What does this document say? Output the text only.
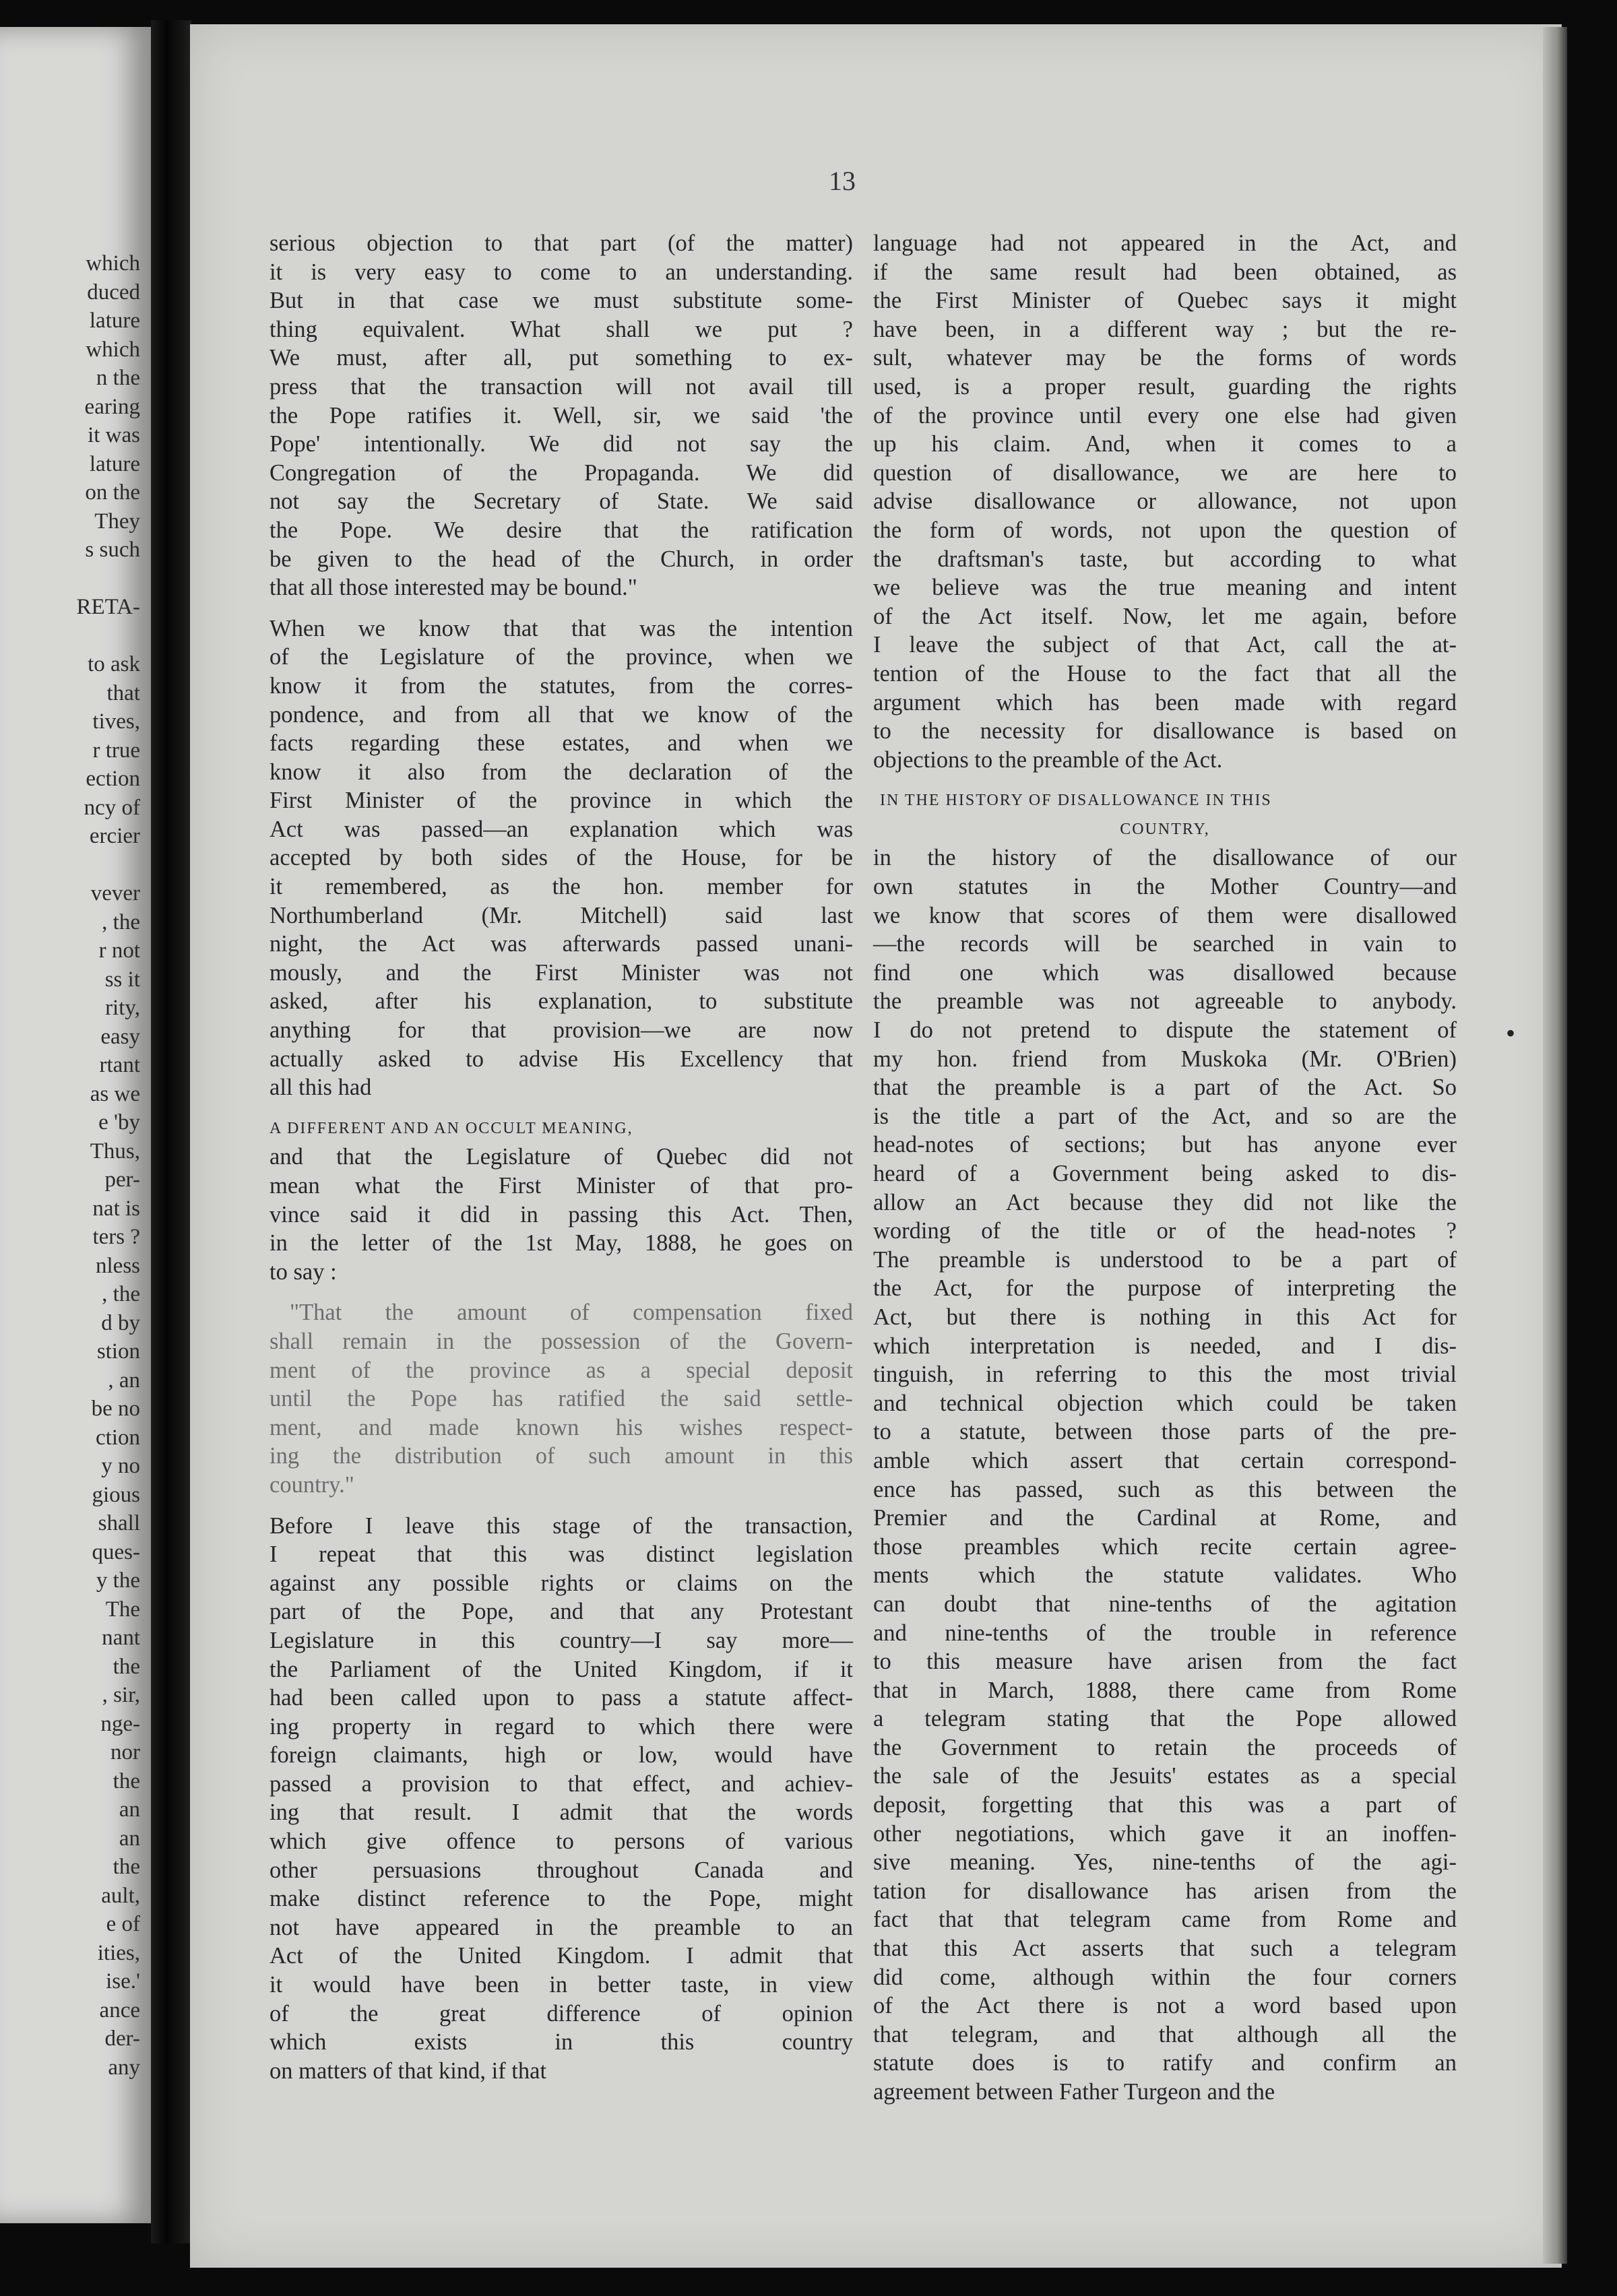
which
duced
lature
which
n the
earing
it was
lature
on the
They
s such
RETA-
to ask
that
tives,
r true
ection
ncy of
ercier
vever
, the
r not
ss it
rity,
easy
rtant
as we
e 'by
Thus,
per-
nat is
ters ?
nless
, the
d by
stion
, an
be no
ction
y no
gious
shall
ques-
y the
The
nant
the
, sir,
nge-
nor
the
an
an
the
ault,
e of
ities,
ise.'
ance
der-
any
13
serious objection to that part (of the matter)
it is very easy to come to an understanding.
But in that case we must substitute some-
thing equivalent. What shall we put ?
We must, after all, put something to ex-
press that the transaction will not avail till
the Pope ratifies it. Well, sir, we said 'the
Pope' intentionally. We did not say the
Congregation of the Propaganda. We did
not say the Secretary of State. We said
the Pope. We desire that the ratification
be given to the head of the Church, in order
that all those interested may be bound."
When we know that that was the intention
of the Legislature of the province, when we
know it from the statutes, from the corres-
pondence, and from all that we know of the
facts regarding these estates, and when we
know it also from the declaration of the
First Minister of the province in which the
Act was passed—an explanation which was
accepted by both sides of the House, for be
it remembered, as the hon. member for
Northumberland (Mr. Mitchell) said last
night, the Act was afterwards passed unani-
mously, and the First Minister was not
asked, after his explanation, to substitute
anything for that provision—we are now
actually asked to advise His Excellency that
all this had
A DIFFERENT AND AN OCCULT MEANING,
and that the Legislature of Quebec did not
mean what the First Minister of that pro-
vince said it did in passing this Act. Then,
in the letter of the 1st May, 1888, he goes on
to say :
"That the amount of compensation fixed
shall remain in the possession of the Govern-
ment of the province as a special deposit
until the Pope has ratified the said settle-
ment, and made known his wishes respect-
ing the distribution of such amount in this
country."
Before I leave this stage of the transaction,
I repeat that this was distinct legislation
against any possible rights or claims on the
part of the Pope, and that any Protestant
Legislature in this country—I say more—
the Parliament of the United Kingdom, if it
had been called upon to pass a statute affect-
ing property in regard to which there were
foreign claimants, high or low, would have
passed a provision to that effect, and achiev-
ing that result. I admit that the words
which give offence to persons of various
other persuasions throughout Canada and
make distinct reference to the Pope, might
not have appeared in the preamble to an
Act of the United Kingdom. I admit that
it would have been in better taste, in view
of the great difference of opinion
which exists in this country
on matters of that kind, if that
language had not appeared in the Act, and
if the same result had been obtained, as
the First Minister of Quebec says it might
have been, in a different way ; but the re-
sult, whatever may be the forms of words
used, is a proper result, guarding the rights
of the province until every one else had given
up his claim. And, when it comes to a
question of disallowance, we are here to
advise disallowance or allowance, not upon
the form of words, not upon the question of
the draftsman's taste, but according to what
we believe was the true meaning and intent
of the Act itself. Now, let me again, before
I leave the subject of that Act, call the at-
tention of the House to the fact that all the
argument which has been made with regard
to the necessity for disallowance is based on
objections to the preamble of the Act.
IN THE HISTORY OF DISALLOWANCE IN THIS
COUNTRY,
in the history of the disallowance of our
own statutes in the Mother Country—and
we know that scores of them were disallowed
—the records will be searched in vain to
find one which was disallowed because
the preamble was not agreeable to anybody.
I do not pretend to dispute the statement of
my hon. friend from Muskoka (Mr. O'Brien)
that the preamble is a part of the Act. So
is the title a part of the Act, and so are the
head-notes of sections; but has anyone ever
heard of a Government being asked to dis-
allow an Act because they did not like the
wording of the title or of the head-notes ?
The preamble is understood to be a part of
the Act, for the purpose of interpreting the
Act, but there is nothing in this Act for
which interpretation is needed, and I dis-
tinguish, in referring to this the most trivial
and technical objection which could be taken
to a statute, between those parts of the pre-
amble which assert that certain correspond-
ence has passed, such as this between the
Premier and the Cardinal at Rome, and
those preambles which recite certain agree-
ments which the statute validates. Who
can doubt that nine-tenths of the agitation
and nine-tenths of the trouble in reference
to this measure have arisen from the fact
that in March, 1888, there came from Rome
a telegram stating that the Pope allowed
the Government to retain the proceeds of
the sale of the Jesuits' estates as a special
deposit, forgetting that this was a part of
other negotiations, which gave it an inoffen-
sive meaning. Yes, nine-tenths of the agi-
tation for disallowance has arisen from the
fact that that telegram came from Rome and
that this Act asserts that such a telegram
did come, although within the four corners
of the Act there is not a word based upon
that telegram, and that although all the
statute does is to ratify and confirm an
agreement between Father Turgeon and the
•
